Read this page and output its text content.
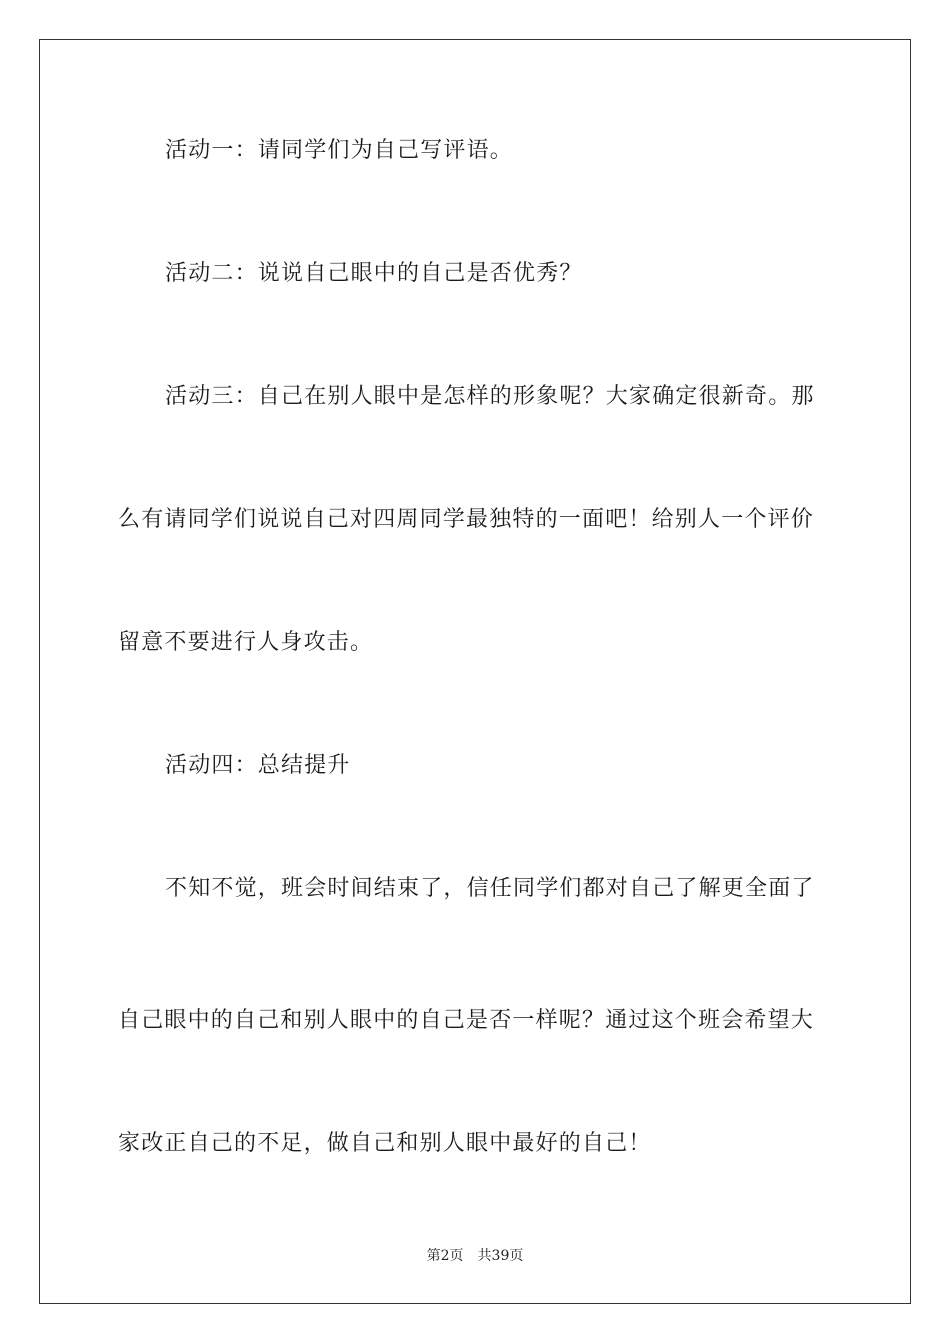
活动一：请同学们为自己写评语。
活动二：说说自己眼中的自己是否优秀？
活动三：自己在别人眼中是怎样的形象呢？大家确定很新奇。那
么有请同学们说说自己对四周同学最独特的一面吧！给别人一个评价
留意不要进行人身攻击。
活动四：总结提升
不知不觉，班会时间结束了，信任同学们都对自己了解更全面了
自己眼中的自己和别人眼中的自己是否一样呢？通过这个班会希望大
家改正自己的不足，做自己和别人眼中最好的自己！
第2页 共39页
